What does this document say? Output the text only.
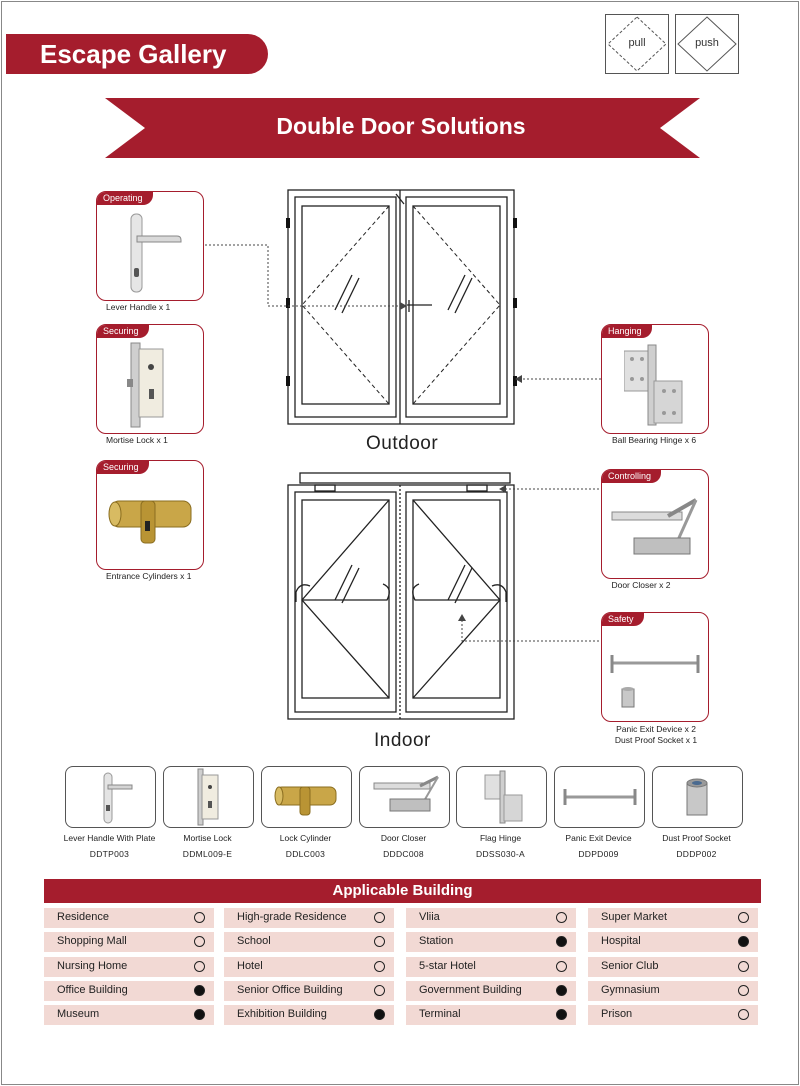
Escape Gallery	pull	push
Double Door Solutions
Outdoor
Indoor
Operating
Lever Handle x 1
Securing
Mortise Lock x 1
Securing
Entrance Cylinders x 1
Hanging
Ball Bearing Hinge x 6
Controlling
Door Closer x 2
Safety
Panic Exit Device x 2
Dust Proof Socket x 1
Lever Handle With Plate
DDTP003
Mortise Lock
DDML009-E
Lock Cylinder
DDLC003
Door Closer
DDDC008
Flag Hinge
DDSS030-A
Panic Exit Device
DDPD009
Dust Proof Socket
DDDP002
Applicable Building
Residence	High-grade Residence	Vliia	Super Market
Shopping Mall	School	Station	Hospital
Nursing Home	Hotel	5-star Hotel	Senior Club
Office Building	Senior Office Building	Government Building	Gymnasium
Museum	Exhibition Building	Terminal	Prison
